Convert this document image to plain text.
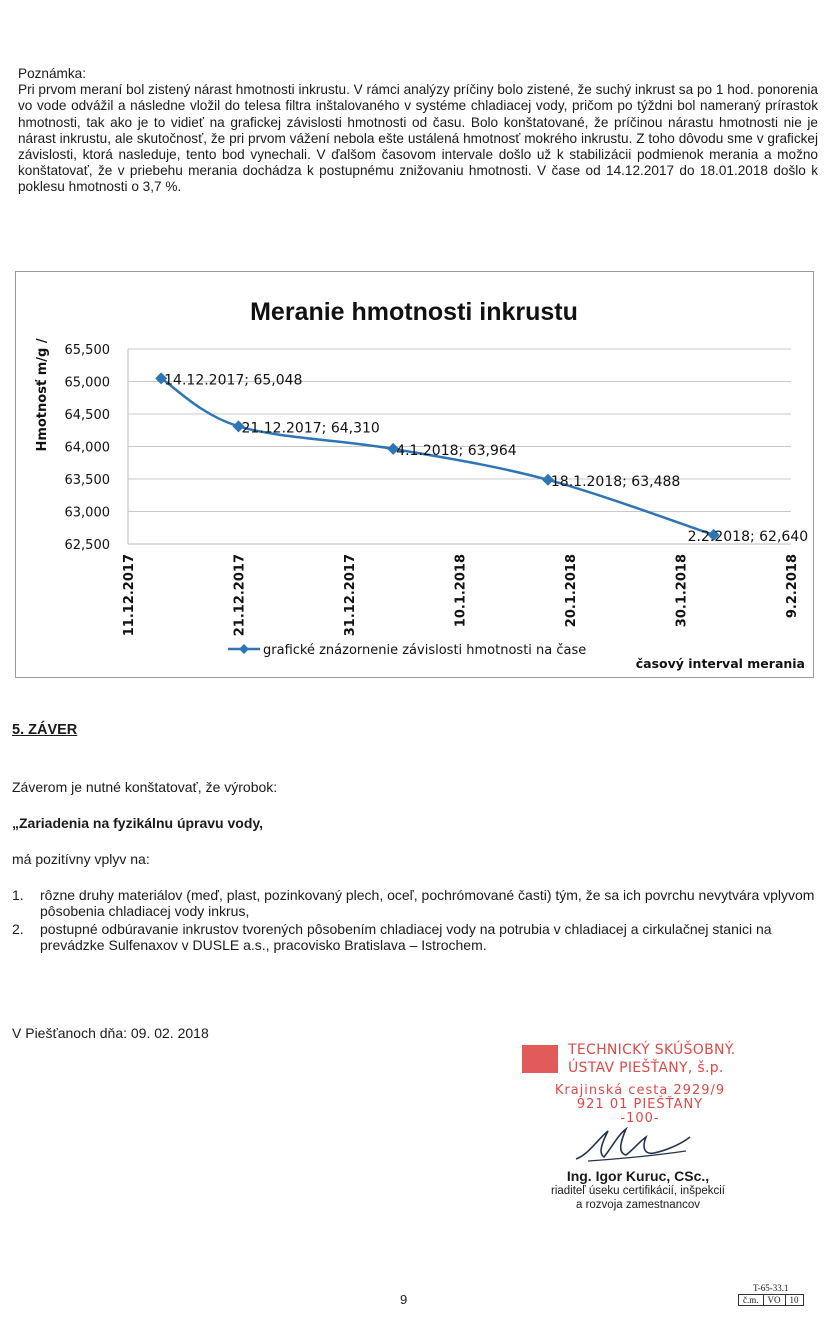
Poznámka:

Pri prvom meraní bol zistený nárast hmotnosti inkrustu. V rámci analýzy príčiny bolo zistené, že suchý inkrust sa po 1 hod. ponorenia vo vode odvážil a následne vložil do telesa filtra inštalovaného v systéme chladiacej vody, pričom po týždni bol nameraný prírastok hmotnosti, tak ako je to vidieť na grafickej závislosti hmotnosti od času. Bolo konštatované, že príčinou nárastu hmotnosti nie je nárast inkrustu, ale skutočnosť, že pri prvom vážení nebola ešte ustálená hmotnosť mokrého inkrustu. Z toho dôvodu sme v grafickej závislosti, ktorá nasleduje, tento bod vynechali. V ďalšom časovom intervale došlo už k stabilizácii podmienok merania a možno konštatovať, že v priebehu merania dochádza k postupnému znižovaniu hmotnosti. V čase od 14.12.2017 do 18.01.2018 došlo k poklesu hmotnosti o 3,7 %.

Meranie hmotnosti inkrustu
Hmotnosť m/g / 65,500
65,000
64,500
64,000
63,500
63,000
62,500
11.12.2017	21.12.2017	31.12.2017	10.1.2018	20.1.2018	30.1.2018	9.2.2018
14.12.2017; 65,048
21.12.2017; 64,310
4.1.2018; 63,964
18.1.2018; 63,488
2.2.2018; 62,640
grafické znázornenie závislosti hmotnosti na čase
časový interval merania

5. ZÁVER

Záverom je nutné konštatovať, že výrobok:

„Zariadenia na fyzikálnu úpravu vody,

má pozitívny vplyv na:

1. rôzne druhy materiálov (meď, plast, pozinkovaný plech, oceľ, pochrómované časti) tým, že sa ich povrchu nevytvára vplyvom pôsobenia chladiacej vody inkrus,
2. postupné odbúravanie inkrustov tvorených pôsobením chladiacej vody na potrubia v chladiacej a cirkulačnej stanici na prevádzke Sulfenaxov v DUSLE a.s., pracovisko Bratislava – Istrochem.

V Piešťanoch dňa: 09. 02. 2018

TECHNICKÝ SKÚŠOBNÝ.

ÚSTAV PIEŠŤANY, š.p.

Krajinská cesta 2929/9
921 01 PIEŠŤANY
-100-

Ing. Igor Kuruc, CSc.,

riaditeľ úseku certifikácií, inšpekcií

a rozvoja zamestnancov

9

T-65-33.1

č.m.	VO	10
